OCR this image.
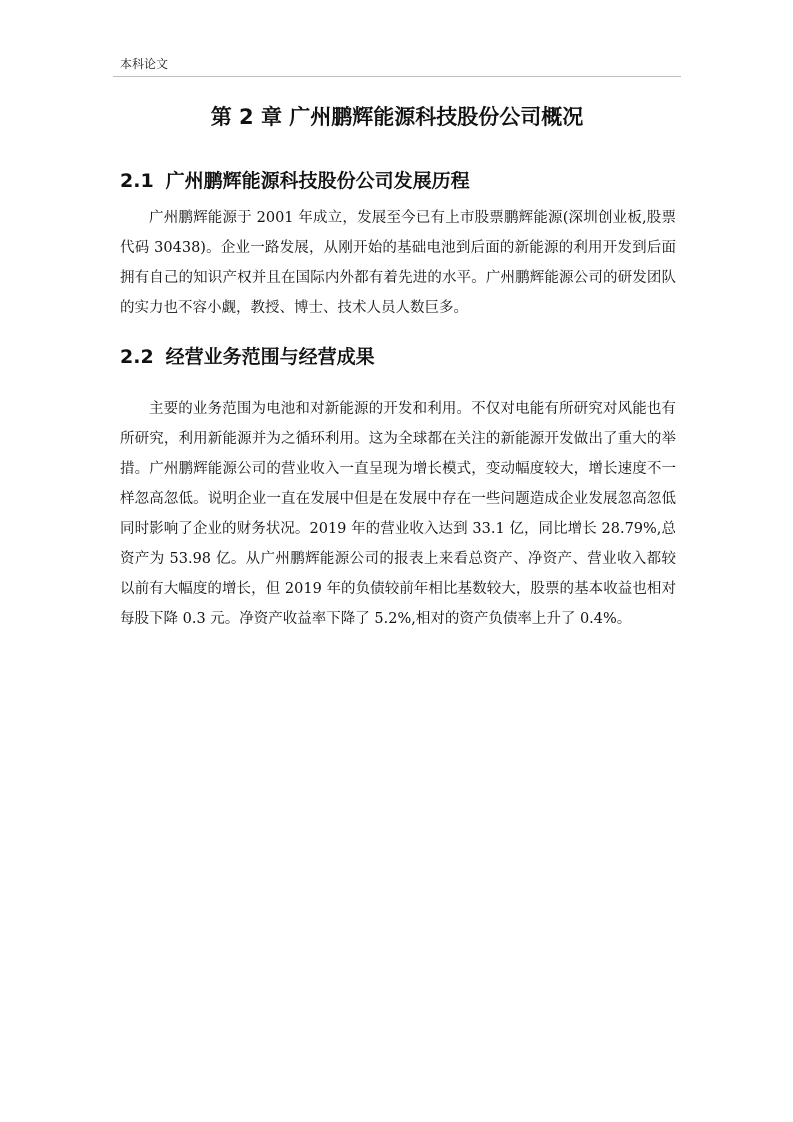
本科论文
第 2 章 广州鹏辉能源科技股份公司概况
2.1 广州鹏辉能源科技股份公司发展历程

广州鹏辉能源于 2001 年成立，发展至今已有上市股票鹏辉能源(深圳创业板,股票代码 30438)。企业一路发展，从刚开始的基础电池到后面的新能源的利用开发到后面拥有自己的知识产权并且在国际内外都有着先进的水平。广州鹏辉能源公司的研发团队的实力也不容小觑，教授、博士、技术人员人数巨多。

2.2 经营业务范围与经营成果

主要的业务范围为电池和对新能源的开发和利用。不仅对电能有所研究对风能也有所研究，利用新能源并为之循环利用。这为全球都在关注的新能源开发做出了重大的举措。广州鹏辉能源公司的营业收入一直呈现为增长模式，变动幅度较大，增长速度不一样忽高忽低。说明企业一直在发展中但是在发展中存在一些问题造成企业发展忽高忽低同时影响了企业的财务状况。2019 年的营业收入达到 33.1 亿，同比增长 28.79%,总资产为 53.98 亿。从广州鹏辉能源公司的报表上来看总资产、净资产、营业收入都较以前有大幅度的增长，但 2019 年的负债较前年相比基数较大，股票的基本收益也相对每股下降 0.3 元。净资产收益率下降了 5.2%,相对的资产负债率上升了 0.4%。
